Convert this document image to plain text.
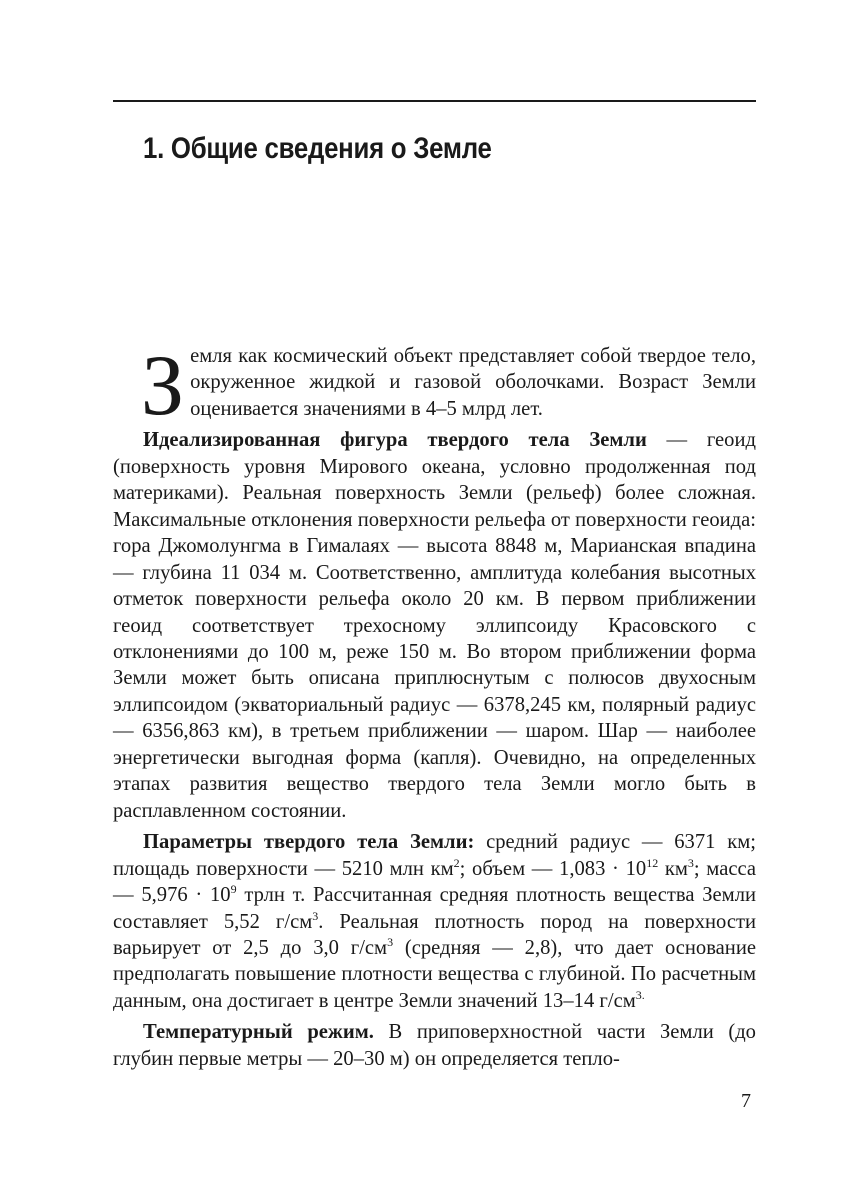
1. Общие сведения о Земле

Земля как космический объект представляет собой твердое тело, окруженное жидкой и газовой оболочками. Возраст Земли оценивается значениями в 4–5 млрд лет.

Идеализированная фигура твердого тела Земли — геоид (поверхность уровня Мирового океана, условно продолженная под материками). Реальная поверхность Земли (рельеф) более сложная. Максимальные отклонения поверхности рельефа от поверхности геоида: гора Джомолунгма в Гималаях — высота 8848 м, Марианская впадина — глубина 11 034 м. Соответственно, амплитуда колебания высотных отметок поверхности рельефа около 20 км. В первом приближении геоид соответствует трехосному эллипсоиду Красовского с отклонениями до 100 м, реже 150 м. Во втором приближении форма Земли может быть описана приплюснутым с полюсов двухосным эллипсоидом (экваториальный радиус — 6378,245 км, полярный радиус — 6356,863 км), в третьем приближении — шаром. Шар — наиболее энергетически выгодная форма (капля). Очевидно, на определенных этапах развития вещество твердого тела Земли могло быть в расплавленном состоянии.

Параметры твердого тела Земли: средний радиус — 6371 км; площадь поверхности — 5210 млн $км^2$; объем — $1,083 \cdot 10^{12}$ $км^3$; масса — $5,976 \cdot 10^9$ трлн т. Рассчитанная средняя плотность вещества Земли составляет 5,52 $г/см^3$. Реальная плотность пород на поверхности варьирует от 2,5 до 3,0 $г/см^3$ (средняя — 2,8), что дает основание предполагать повышение плотности вещества с глубиной. По расчетным данным, она достигает в центре Земли значений 13–14 $г/см^{3.}$

Температурный режим. В приповерхностной части Земли (до глубин первые метры — 20–30 м) он определяется тепло-

7
